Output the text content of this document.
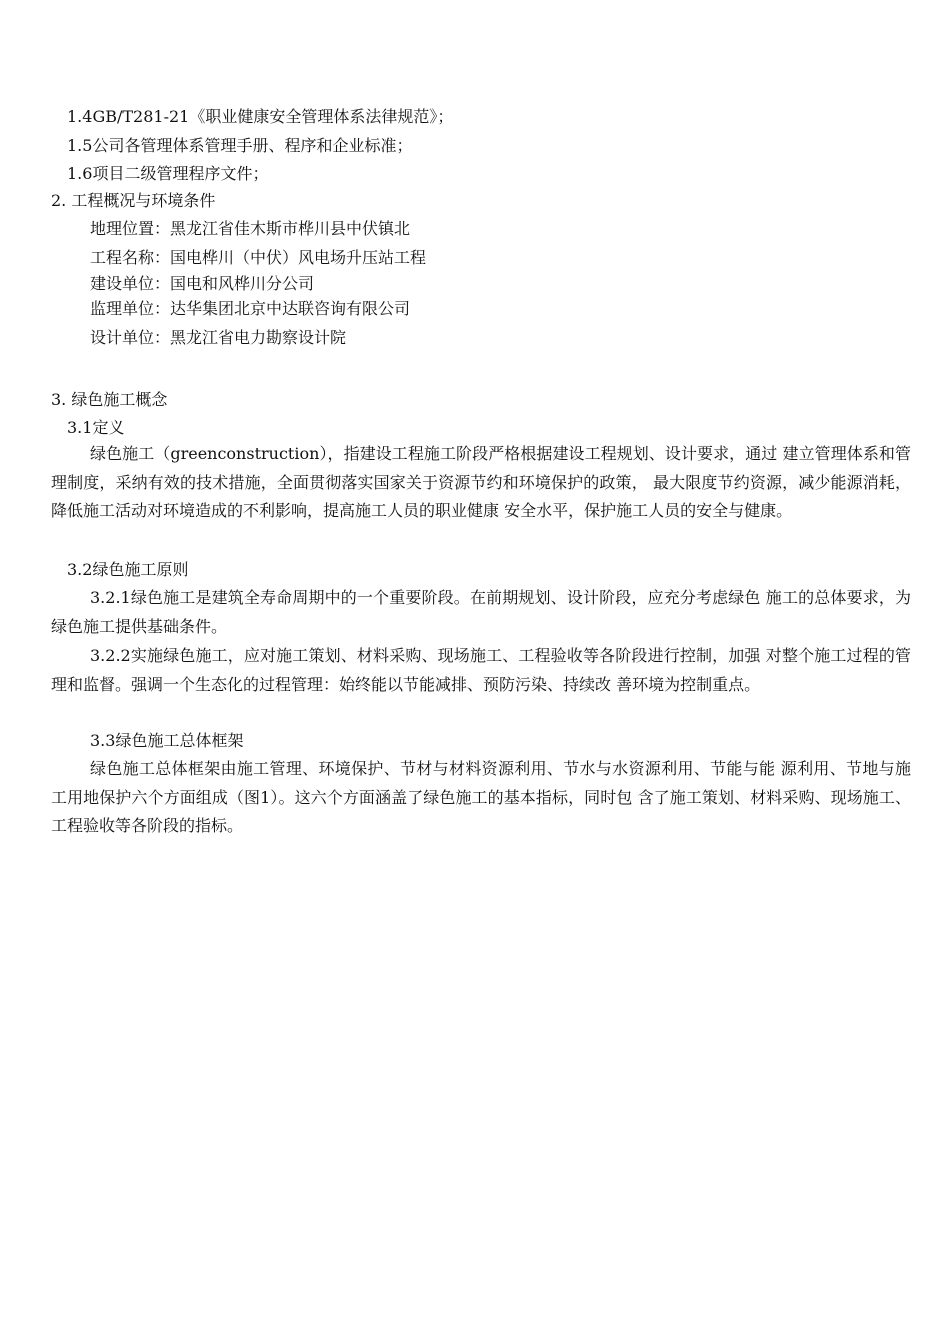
1.4GB/T281-21《职业健康安全管理体系法律规范》；
1.5公司各管理体系管理手册、程序和企业标准；
1.6项目二级管理程序文件；
2. 工程概况与环境条件
地理位置：黑龙江省佳木斯市桦川县中伏镇北
工程名称：国电桦川（中伏）风电场升压站工程
建设单位：国电和风桦川分公司
监理单位：达华集团北京中达联咨询有限公司
设计单位：黑龙江省电力勘察设计院
3. 绿色施工概念
3.1定义
绿色施工（greenconstruction），指建设工程施工阶段严格根据建设工程规划、设计要求，通过 建立管理体系和管理制度，采纳有效的技术措施，全面贯彻落实国家关于资源节约和环境保护的政策， 最大限度节约资源，减少能源消耗，降低施工活动对环境造成的不利影响，提高施工人员的职业健康 安全水平，保护施工人员的安全与健康。
3.2绿色施工原则
3.2.1绿色施工是建筑全寿命周期中的一个重要阶段。在前期规划、设计阶段，应充分考虑绿色 施工的总体要求，为绿色施工提供基础条件。
3.2.2实施绿色施工，应对施工策划、材料采购、现场施工、工程验收等各阶段进行控制，加强 对整个施工过程的管理和监督。强调一个生态化的过程管理：始终能以节能减排、预防污染、持续改 善环境为控制重点。
3.3绿色施工总体框架
绿色施工总体框架由施工管理、环境保护、节材与材料资源利用、节水与水资源利用、节能与能 源利用、节地与施工用地保护六个方面组成（图1）。这六个方面涵盖了绿色施工的基本指标，同时包 含了施工策划、材料采购、现场施工、工程验收等各阶段的指标。
